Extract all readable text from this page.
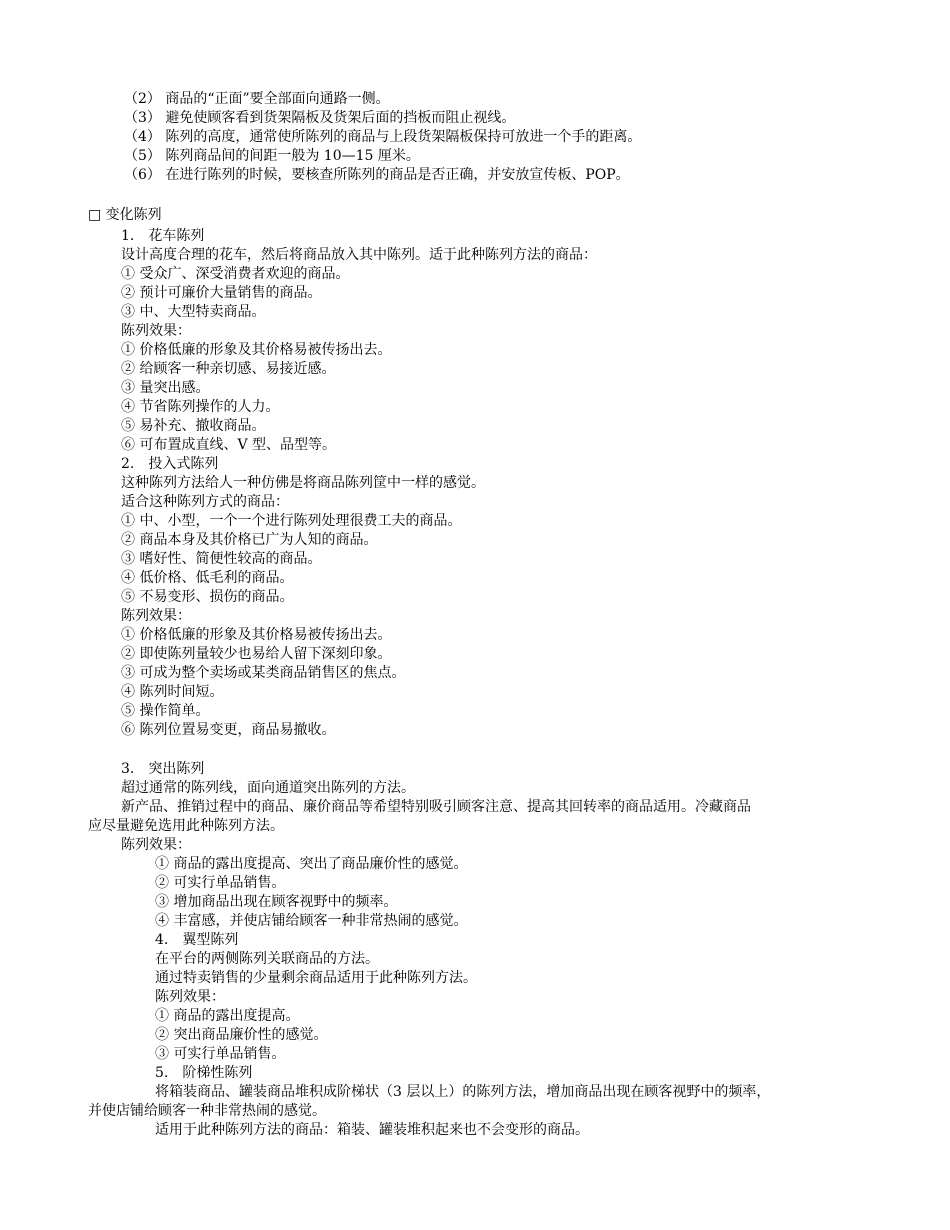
（2） 商品的“正面”要全部面向通路一侧。
（3） 避免使顾客看到货架隔板及货架后面的挡板而阻止视线。
（4） 陈列的高度，通常使所陈列的商品与上段货架隔板保持可放进一个手的距离。
（5） 陈列商品间的间距一般为 10—15 厘米。
（6） 在进行陈列的时候，要核查所陈列的商品是否正确，并安放宣传板、POP。
□ 变化陈列
1.　花车陈列
设计高度合理的花车，然后将商品放入其中陈列。适于此种陈列方法的商品：
① 受众广、深受消费者欢迎的商品。
② 预计可廉价大量销售的商品。
③ 中、大型特卖商品。
陈列效果：
① 价格低廉的形象及其价格易被传扬出去。
② 给顾客一种亲切感、易接近感。
③ 量突出感。
④ 节省陈列操作的人力。
⑤ 易补充、撤收商品。
⑥ 可布置成直线、V 型、品型等。
2.　投入式陈列
这种陈列方法给人一种仿佛是将商品陈列筐中一样的感觉。
适合这种陈列方式的商品：
① 中、小型，一个一个进行陈列处理很费工夫的商品。
② 商品本身及其价格已广为人知的商品。
③ 嗜好性、简便性较高的商品。
④ 低价格、低毛利的商品。
⑤ 不易变形、损伤的商品。
陈列效果：
① 价格低廉的形象及其价格易被传扬出去。
② 即使陈列量较少也易给人留下深刻印象。
③ 可成为整个卖场或某类商品销售区的焦点。
④ 陈列时间短。
⑤ 操作简单。
⑥ 陈列位置易变更，商品易撤收。
3.　突出陈列
超过通常的陈列线，面向通道突出陈列的方法。
新产品、推销过程中的商品、廉价商品等希望特别吸引顾客注意、提高其回转率的商品适用。冷藏商品
应尽量避免选用此种陈列方法。
陈列效果：
① 商品的露出度提高、突出了商品廉价性的感觉。
② 可实行单品销售。
③ 增加商品出现在顾客视野中的频率。
④ 丰富感，并使店铺给顾客一种非常热闹的感觉。
4.　翼型陈列
在平台的两侧陈列关联商品的方法。
通过特卖销售的少量剩余商品适用于此种陈列方法。
陈列效果：
① 商品的露出度提高。
② 突出商品廉价性的感觉。
③ 可实行单品销售。
5.　阶梯性陈列
将箱装商品、罐装商品堆积成阶梯状（3 层以上）的陈列方法，增加商品出现在顾客视野中的频率，
并使店铺给顾客一种非常热闹的感觉。
适用于此种陈列方法的商品：箱装、罐装堆积起来也不会变形的商品。
